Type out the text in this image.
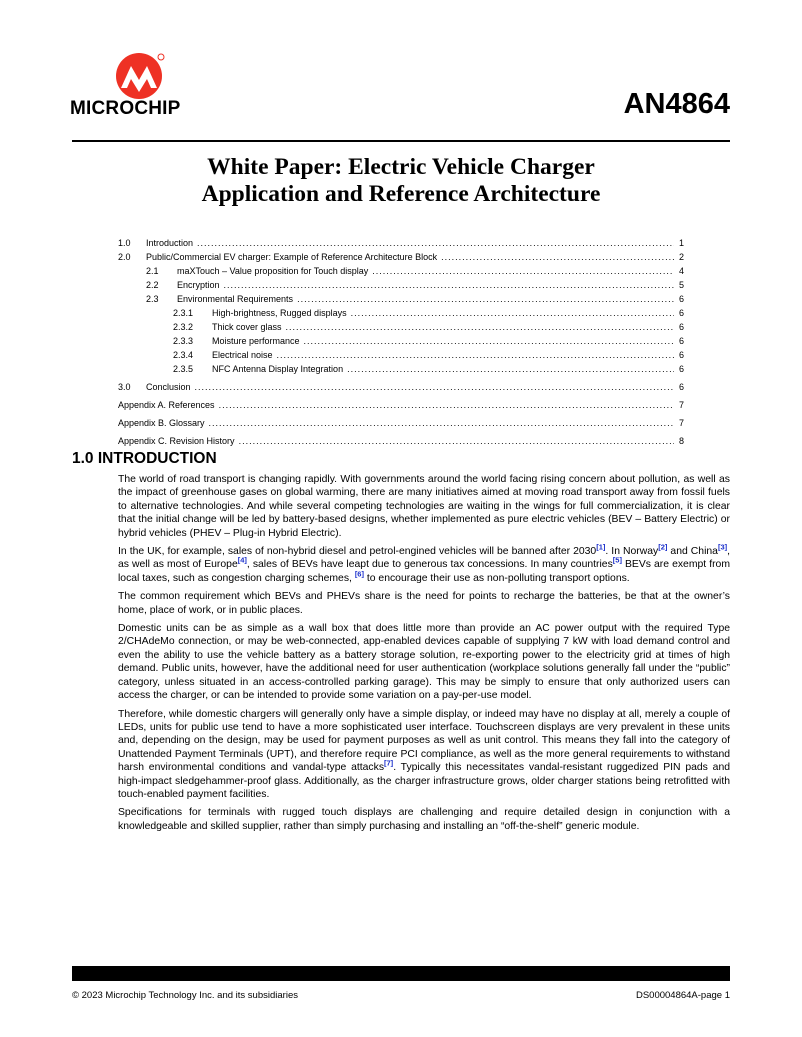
MICROCHIP	AN4864
White Paper: Electric Vehicle Charger
Application and Reference Architecture
1.0	Introduction .....	1
2.0	Public/Commercial EV charger: Example of Reference Architecture Block .....	2
2.1	maXTouch – Value proposition for Touch display .....	4
2.2	Encryption .....	5
2.3	Environmental Requirements .....	6
2.3.1	High-brightness, Rugged displays .....	6
2.3.2	Thick cover glass .....	6
2.3.3	Moisture performance .....	6
2.3.4	Electrical noise .....	6
2.3.5	NFC Antenna Display Integration .....	6
3.0	Conclusion .....	6
Appendix A. References .....	7
Appendix B. Glossary .....	7
Appendix C. Revision History .....	8
1.0 INTRODUCTION

The world of road transport is changing rapidly. With governments around the world facing rising concern about pollution, as well as the impact of greenhouse gases on global warming, there are many initiatives aimed at moving road transport away from fossil fuels to alternative technologies. And while several competing technologies are waiting in the wings for full commercialization, it is clear that the initial change will be led by battery-based designs, whether implemented as pure electric vehicles (BEV – Battery Electric) or hybrid vehicles (PHEV – Plug-in Hybrid Electric).

In the UK, for example, sales of non-hybrid diesel and petrol-engined vehicles will be banned after 2030[1]. In Norway[2] and China[3], as well as most of Europe[4], sales of BEVs have leapt due to generous tax concessions. In many countries[5] BEVs are exempt from local taxes, such as congestion charging schemes, [6] to encourage their use as non-polluting transport options.

The common requirement which BEVs and PHEVs share is the need for points to recharge the batteries, be that at the owner’s home, place of work, or in public places.

Domestic units can be as simple as a wall box that does little more than provide an AC power output with the required Type 2/CHAdeMo connection, or may be web-connected, app-enabled devices capable of supplying 7 kW with load demand control and even the ability to use the vehicle battery as a battery storage solution, re-exporting power to the electricity grid at times of high demand. Public units, however, have the additional need for user authentication (workplace solutions generally fall under the “public” category, unless situated in an access-controlled parking garage). This may be simply to ensure that only authorized users can access the charger, or can be intended to provide some variation on a pay-per-use model.

Therefore, while domestic chargers will generally only have a simple display, or indeed may have no display at all, merely a couple of LEDs, units for public use tend to have a more sophisticated user interface. Touchscreen displays are very prevalent in these units and, depending on the design, may be used for payment purposes as well as unit control. This means they fall into the category of Unattended Payment Terminals (UPT), and therefore require PCI compliance, as well as the more general requirements to withstand harsh environmental conditions and vandal-type attacks[7]. Typically this necessitates vandal-resistant ruggedized PIN pads and high-impact sledgehammer-proof glass. Additionally, as the charger infrastructure grows, older charger stations being retrofitted with touch-enabled payment facilities.

Specifications for terminals with rugged touch displays are challenging and require detailed design in conjunction with a knowledgeable and skilled supplier, rather than simply purchasing and installing an “off-the-shelf” generic module.

© 2023 Microchip Technology Inc. and its subsidiaries	DS00004864A-page 1
